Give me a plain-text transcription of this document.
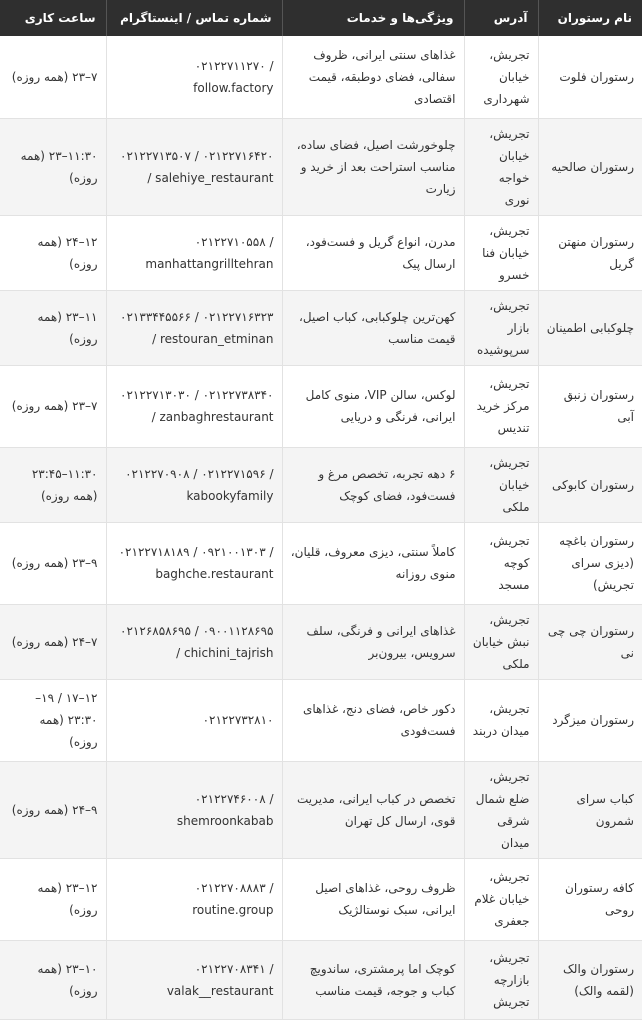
نام رستوران	آدرس	ویژگی‌ها و خدمات	شماره تماس / اینستاگرام	ساعت کاری
رستوران فلوت	تجریش، خیابان شهرداری	غذاهای سنتی ایرانی، ظروف سفالی، فضای دوطبقه، قیمت اقتصادی	۰۲۱۲۲۷۱۱۲۷۰ / follow.factory	۷–۲۳ (همه روزه)
رستوران صالحیه	تجریش، خیابان خواجه نوری	چلوخورشت اصیل، فضای ساده، مناسب استراحت بعد از خرید و زیارت	۰۲۱۲۲۷۱۳۵۰۷ / ۰۲۱۲۲۷۱۶۴۲۰ / salehiye_restaurant	۱۱:۳۰–۲۳ (همه روزه)
رستوران منهتن گریل	تجریش، خیابان فنا خسرو	مدرن، انواع گریل و فست‌فود، ارسال پیک	۰۲۱۲۲۷۱۰۵۵۸ / manhattangrilltehran	۱۲–۲۴ (همه روزه)
چلوکبابی اطمینان	تجریش، بازار سرپوشیده	کهن‌ترین چلوکبابی، کباب اصیل، قیمت مناسب	۰۲۱۳۳۴۴۵۵۶۶ / ۰۲۱۲۲۷۱۶۳۲۳ / restouran_etminan	۱۱–۲۳ (همه روزه)
رستوران زنبق آبی	تجریش، مرکز خرید تندیس	لوکس، سالن VIP، منوی کامل ایرانی، فرنگی و دریایی	۰۲۱۲۲۷۱۳۰۳۰ / ۰۲۱۲۲۷۳۸۳۴۰ / zanbaghrestaurant	۷–۲۳ (همه روزه)
رستوران کابوکی	تجریش، خیابان ملکی	۶ دهه تجربه، تخصص مرغ و فست‌فود، فضای کوچک	۰۲۱۲۲۷۰۹۰۸ / ۰۲۱۲۲۷۱۵۹۶ / kabookyfamily	۱۱:۳۰–۲۳:۴۵ (همه روزه)
رستوران باغچه (دیزی سرای تجریش)	تجریش، کوچه مسجد	کاملاً سنتی، دیزی معروف، قلیان، منوی روزانه	۰۲۱۲۲۷۱۸۱۸۹ / ۰۹۲۱۰۰۱۳۰۳ / baghche.restaurant	۹–۲۳ (همه روزه)
رستوران چی چی نی	تجریش، نبش خیابان ملکی	غذاهای ایرانی و فرنگی، سلف سرویس، بیرون‌بر	۰۲۱۲۶۸۵۸۶۹۵ / ۰۹۰۰۱۱۲۸۶۹۵ / chichini_tajrish	۷–۲۴ (همه روزه)
رستوران میزگرد	تجریش، میدان دربند	دکور خاص، فضای دنج، غذاهای فست‌فودی	۰۲۱۲۲۷۳۲۸۱۰	۱۲–۱۷ / ۱۹–۲۳:۳۰ (همه روزه)
کباب سرای شمرون	تجریش، ضلع شمال شرقی میدان	تخصص در کباب ایرانی، مدیریت قوی، ارسال کل تهران	۰۲۱۲۲۷۴۶۰۰۸ / shemroonkabab	۹–۲۴ (همه روزه)
کافه رستوران روحی	تجریش، خیابان غلام جعفری	ظروف روحی، غذاهای اصیل ایرانی، سبک نوستالژیک	۰۲۱۲۲۷۰۸۸۸۳ / routine.group	۱۲–۲۳ (همه روزه)
رستوران والک (لقمه والک)	تجریش، بازارچه تجریش	کوچک اما پرمشتری، ساندویچ کباب و جوجه، قیمت مناسب	۰۲۱۲۲۷۰۸۳۴۱ / valak__restaurant	۱۰–۲۳ (همه روزه)
